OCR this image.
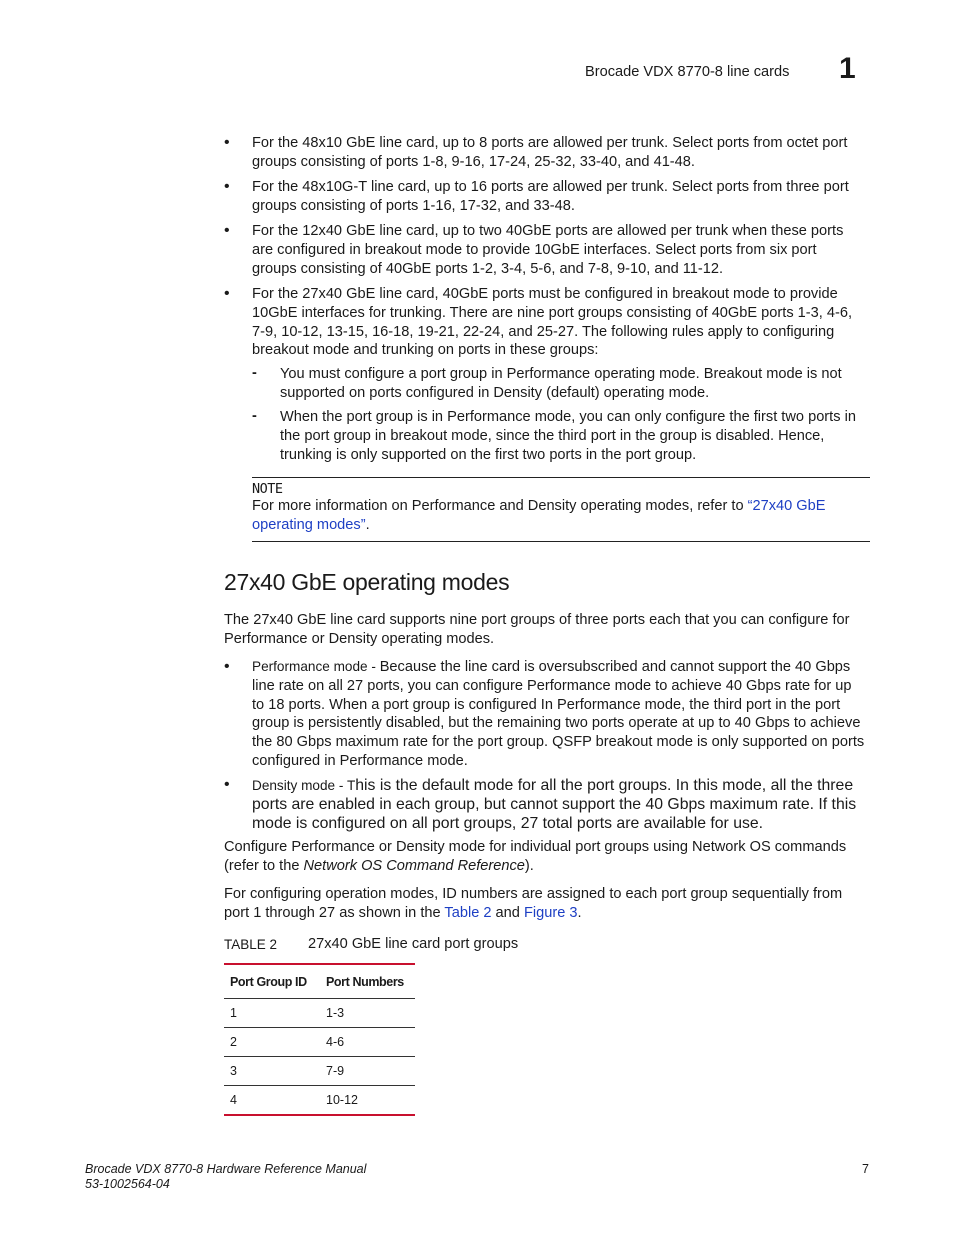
Brocade VDX 8770-8 line cards 1
•	For the 48x10 GbE line card, up to 8 ports are allowed per trunk. Select ports from octet port
groups consisting of ports 1-8, 9-16, 17-24, 25-32, 33-40, and 41-48.
•	For the 48x10G-T line card, up to 16 ports are allowed per trunk. Select ports from three port
groups consisting of ports 1-16, 17-32, and 33-48.
•	For the 12x40 GbE line card, up to two 40GbE ports are allowed per trunk when these ports
are configured in breakout mode to provide 10GbE interfaces. Select ports from six port
groups consisting of 40GbE ports 1-2, 3-4, 5-6, and 7-8, 9-10, and 11-12.
•	For the 27x40 GbE line card, 40GbE ports must be configured in breakout mode to provide
10GbE interfaces for trunking. There are nine port groups consisting of 40GbE ports 1-3, 4-6,
7-9, 10-12, 13-15, 16-18, 19-21, 22-24, and 25-27. The following rules apply to configuring
breakout mode and trunking on ports in these groups:
- You must configure a port group in Performance operating mode. Breakout mode is not
supported on ports configured in Density (default) operating mode.
- When the port group is in Performance mode, you can only configure the first two ports in
the port group in breakout mode, since the third port in the group is disabled. Hence,
trunking is only supported on the first two ports in the port group.
NOTE
For more information on Performance and Density operating modes, refer to “27x40 GbE
operating modes”.
27x40 GbE operating modes
The 27x40 GbE line card supports nine port groups of three ports each that you can configure for
Performance or Density operating modes.
•	Performance mode - Because the line card is oversubscribed and cannot support the 40 Gbps
line rate on all 27 ports, you can configure Performance mode to achieve 40 Gbps rate for up
to 18 ports. When a port group is configured In Performance mode, the third port in the port
group is persistently disabled, but the remaining two ports operate at up to 40 Gbps to achieve
the 80 Gbps maximum rate for the port group. QSFP breakout mode is only supported on ports
configured in Performance mode.
•	Density mode - This is the default mode for all the port groups. In this mode, all the three
ports are enabled in each group, but cannot support the 40 Gbps maximum rate. If this
mode is configured on all port groups, 27 total ports are available for use.
Configure Performance or Density mode for individual port groups using Network OS commands
(refer to the Network OS Command Reference).
For configuring operation modes, ID numbers are assigned to each port group sequentially from
port 1 through 27 as shown in the Table 2 and Figure 3.
TABLE 2 27x40 GbE line card port groups
Port Group ID	Port Numbers
1	1-3
2	4-6
3	7-9
4	10-12
Brocade VDX 8770-8 Hardware Reference Manual
53-1002564-04
7
